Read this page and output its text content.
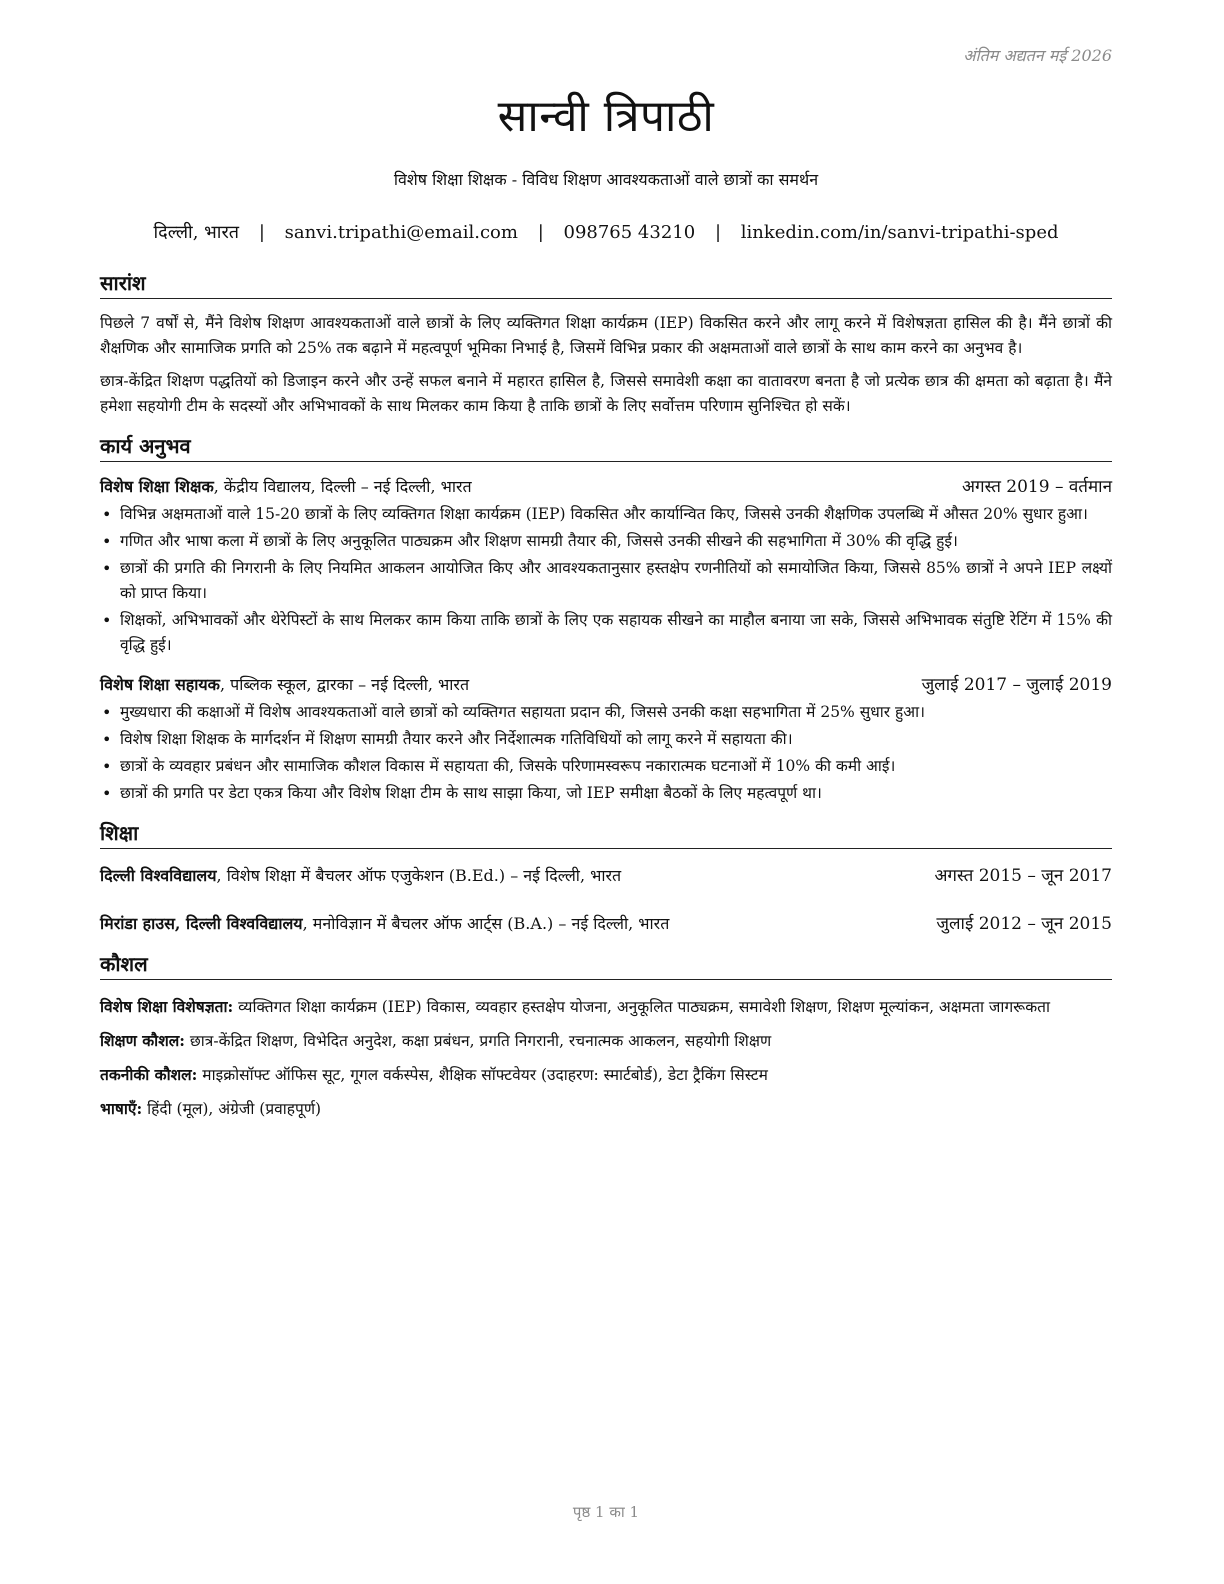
अंतिम अद्यतन मई 2026
सान्वी त्रिपाठी
विशेष शिक्षा शिक्षक - विविध शिक्षण आवश्यकताओं वाले छात्रों का समर्थन
दिल्ली, भारत | sanvi.tripathi@email.com | 098765 43210 | linkedin.com/in/sanvi-tripathi-sped
सारांश

पिछले 7 वर्षों से, मैंने विशेष शिक्षण आवश्यकताओं वाले छात्रों के लिए व्यक्तिगत शिक्षा कार्यक्रम (IEP) विकसित करने और लागू करने में विशेषज्ञता हासिल की है। मैंने छात्रों की शैक्षणिक और सामाजिक प्रगति को 25% तक बढ़ाने में महत्वपूर्ण भूमिका निभाई है, जिसमें विभिन्न प्रकार की अक्षमताओं वाले छात्रों के साथ काम करने का अनुभव है।

छात्र-केंद्रित शिक्षण पद्धतियों को डिजाइन करने और उन्हें सफल बनाने में महारत हासिल है, जिससे समावेशी कक्षा का वातावरण बनता है जो प्रत्येक छात्र की क्षमता को बढ़ाता है। मैंने हमेशा सहयोगी टीम के सदस्यों और अभिभावकों के साथ मिलकर काम किया है ताकि छात्रों के लिए सर्वोत्तम परिणाम सुनिश्चित हो सकें।

कार्य अनुभव
विशेष शिक्षा शिक्षक, केंद्रीय विद्यालय, दिल्ली – नई दिल्ली, भारत	अगस्त 2019 – वर्तमान
• विभिन्न अक्षमताओं वाले 15-20 छात्रों के लिए व्यक्तिगत शिक्षा कार्यक्रम (IEP) विकसित और कार्यान्वित किए, जिससे उनकी शैक्षणिक उपलब्धि में औसत 20% सुधार हुआ।
• गणित और भाषा कला में छात्रों के लिए अनुकूलित पाठ्यक्रम और शिक्षण सामग्री तैयार की, जिससे उनकी सीखने की सहभागिता में 30% की वृद्धि हुई।
• छात्रों की प्रगति की निगरानी के लिए नियमित आकलन आयोजित किए और आवश्यकतानुसार हस्तक्षेप रणनीतियों को समायोजित किया, जिससे 85% छात्रों ने अपने IEP लक्ष्यों को प्राप्त किया।
• शिक्षकों, अभिभावकों और थेरेपिस्टों के साथ मिलकर काम किया ताकि छात्रों के लिए एक सहायक सीखने का माहौल बनाया जा सके, जिससे अभिभावक संतुष्टि रेटिंग में 15% की वृद्धि हुई।
विशेष शिक्षा सहायक, पब्लिक स्कूल, द्वारका – नई दिल्ली, भारत	जुलाई 2017 – जुलाई 2019
• मुख्यधारा की कक्षाओं में विशेष आवश्यकताओं वाले छात्रों को व्यक्तिगत सहायता प्रदान की, जिससे उनकी कक्षा सहभागिता में 25% सुधार हुआ।
• विशेष शिक्षा शिक्षक के मार्गदर्शन में शिक्षण सामग्री तैयार करने और निर्देशात्मक गतिविधियों को लागू करने में सहायता की।
• छात्रों के व्यवहार प्रबंधन और सामाजिक कौशल विकास में सहायता की, जिसके परिणामस्वरूप नकारात्मक घटनाओं में 10% की कमी आई।
• छात्रों की प्रगति पर डेटा एकत्र किया और विशेष शिक्षा टीम के साथ साझा किया, जो IEP समीक्षा बैठकों के लिए महत्वपूर्ण था।
शिक्षा
दिल्ली विश्वविद्यालय, विशेष शिक्षा में बैचलर ऑफ एजुकेशन (B.Ed.) – नई दिल्ली, भारत	अगस्त 2015 – जून 2017
मिरांडा हाउस, दिल्ली विश्वविद्यालय, मनोविज्ञान में बैचलर ऑफ आर्ट्स (B.A.) – नई दिल्ली, भारत	जुलाई 2012 – जून 2015
कौशल
विशेष शिक्षा विशेषज्ञता: व्यक्तिगत शिक्षा कार्यक्रम (IEP) विकास, व्यवहार हस्तक्षेप योजना, अनुकूलित पाठ्यक्रम, समावेशी शिक्षण, शिक्षण मूल्यांकन, अक्षमता जागरूकता
शिक्षण कौशल: छात्र-केंद्रित शिक्षण, विभेदित अनुदेश, कक्षा प्रबंधन, प्रगति निगरानी, रचनात्मक आकलन, सहयोगी शिक्षण
तकनीकी कौशल: माइक्रोसॉफ्ट ऑफिस सूट, गूगल वर्कस्पेस, शैक्षिक सॉफ्टवेयर (उदाहरण: स्मार्टबोर्ड), डेटा ट्रैकिंग सिस्टम
भाषाएँ: हिंदी (मूल), अंग्रेजी (प्रवाहपूर्ण)
पृष्ठ 1 का 1
